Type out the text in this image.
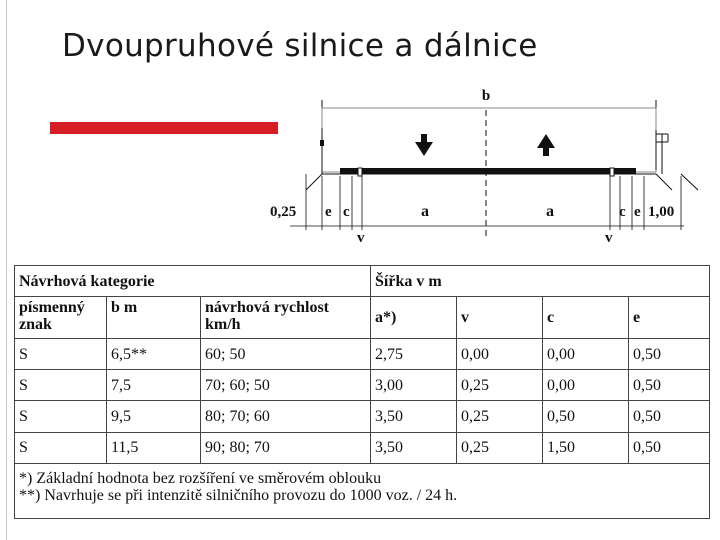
Dvoupruhové silnice a dálnice
b
0,25 e c	a	a	c e 1,00
v	v
Návrhová kategorie			Šířka v m			
písmenný znak	b m	návrhová rychlost km/h	a*)	v	c	e
S	6,5**	60; 50	2,75	0,00	0,00	0,50
S	7,5	70; 60; 50	3,00	0,25	0,00	0,50
S	9,5	80; 70; 60	3,50	0,25	0,50	0,50
S	11,5	90; 80; 70	3,50	0,25	1,50	0,50

*) Základní hodnota bez rozšíření ve směrovém oblouku
**) Navrhuje se při intenzitě silničního provozu do 1000 voz. / 24 h.						
